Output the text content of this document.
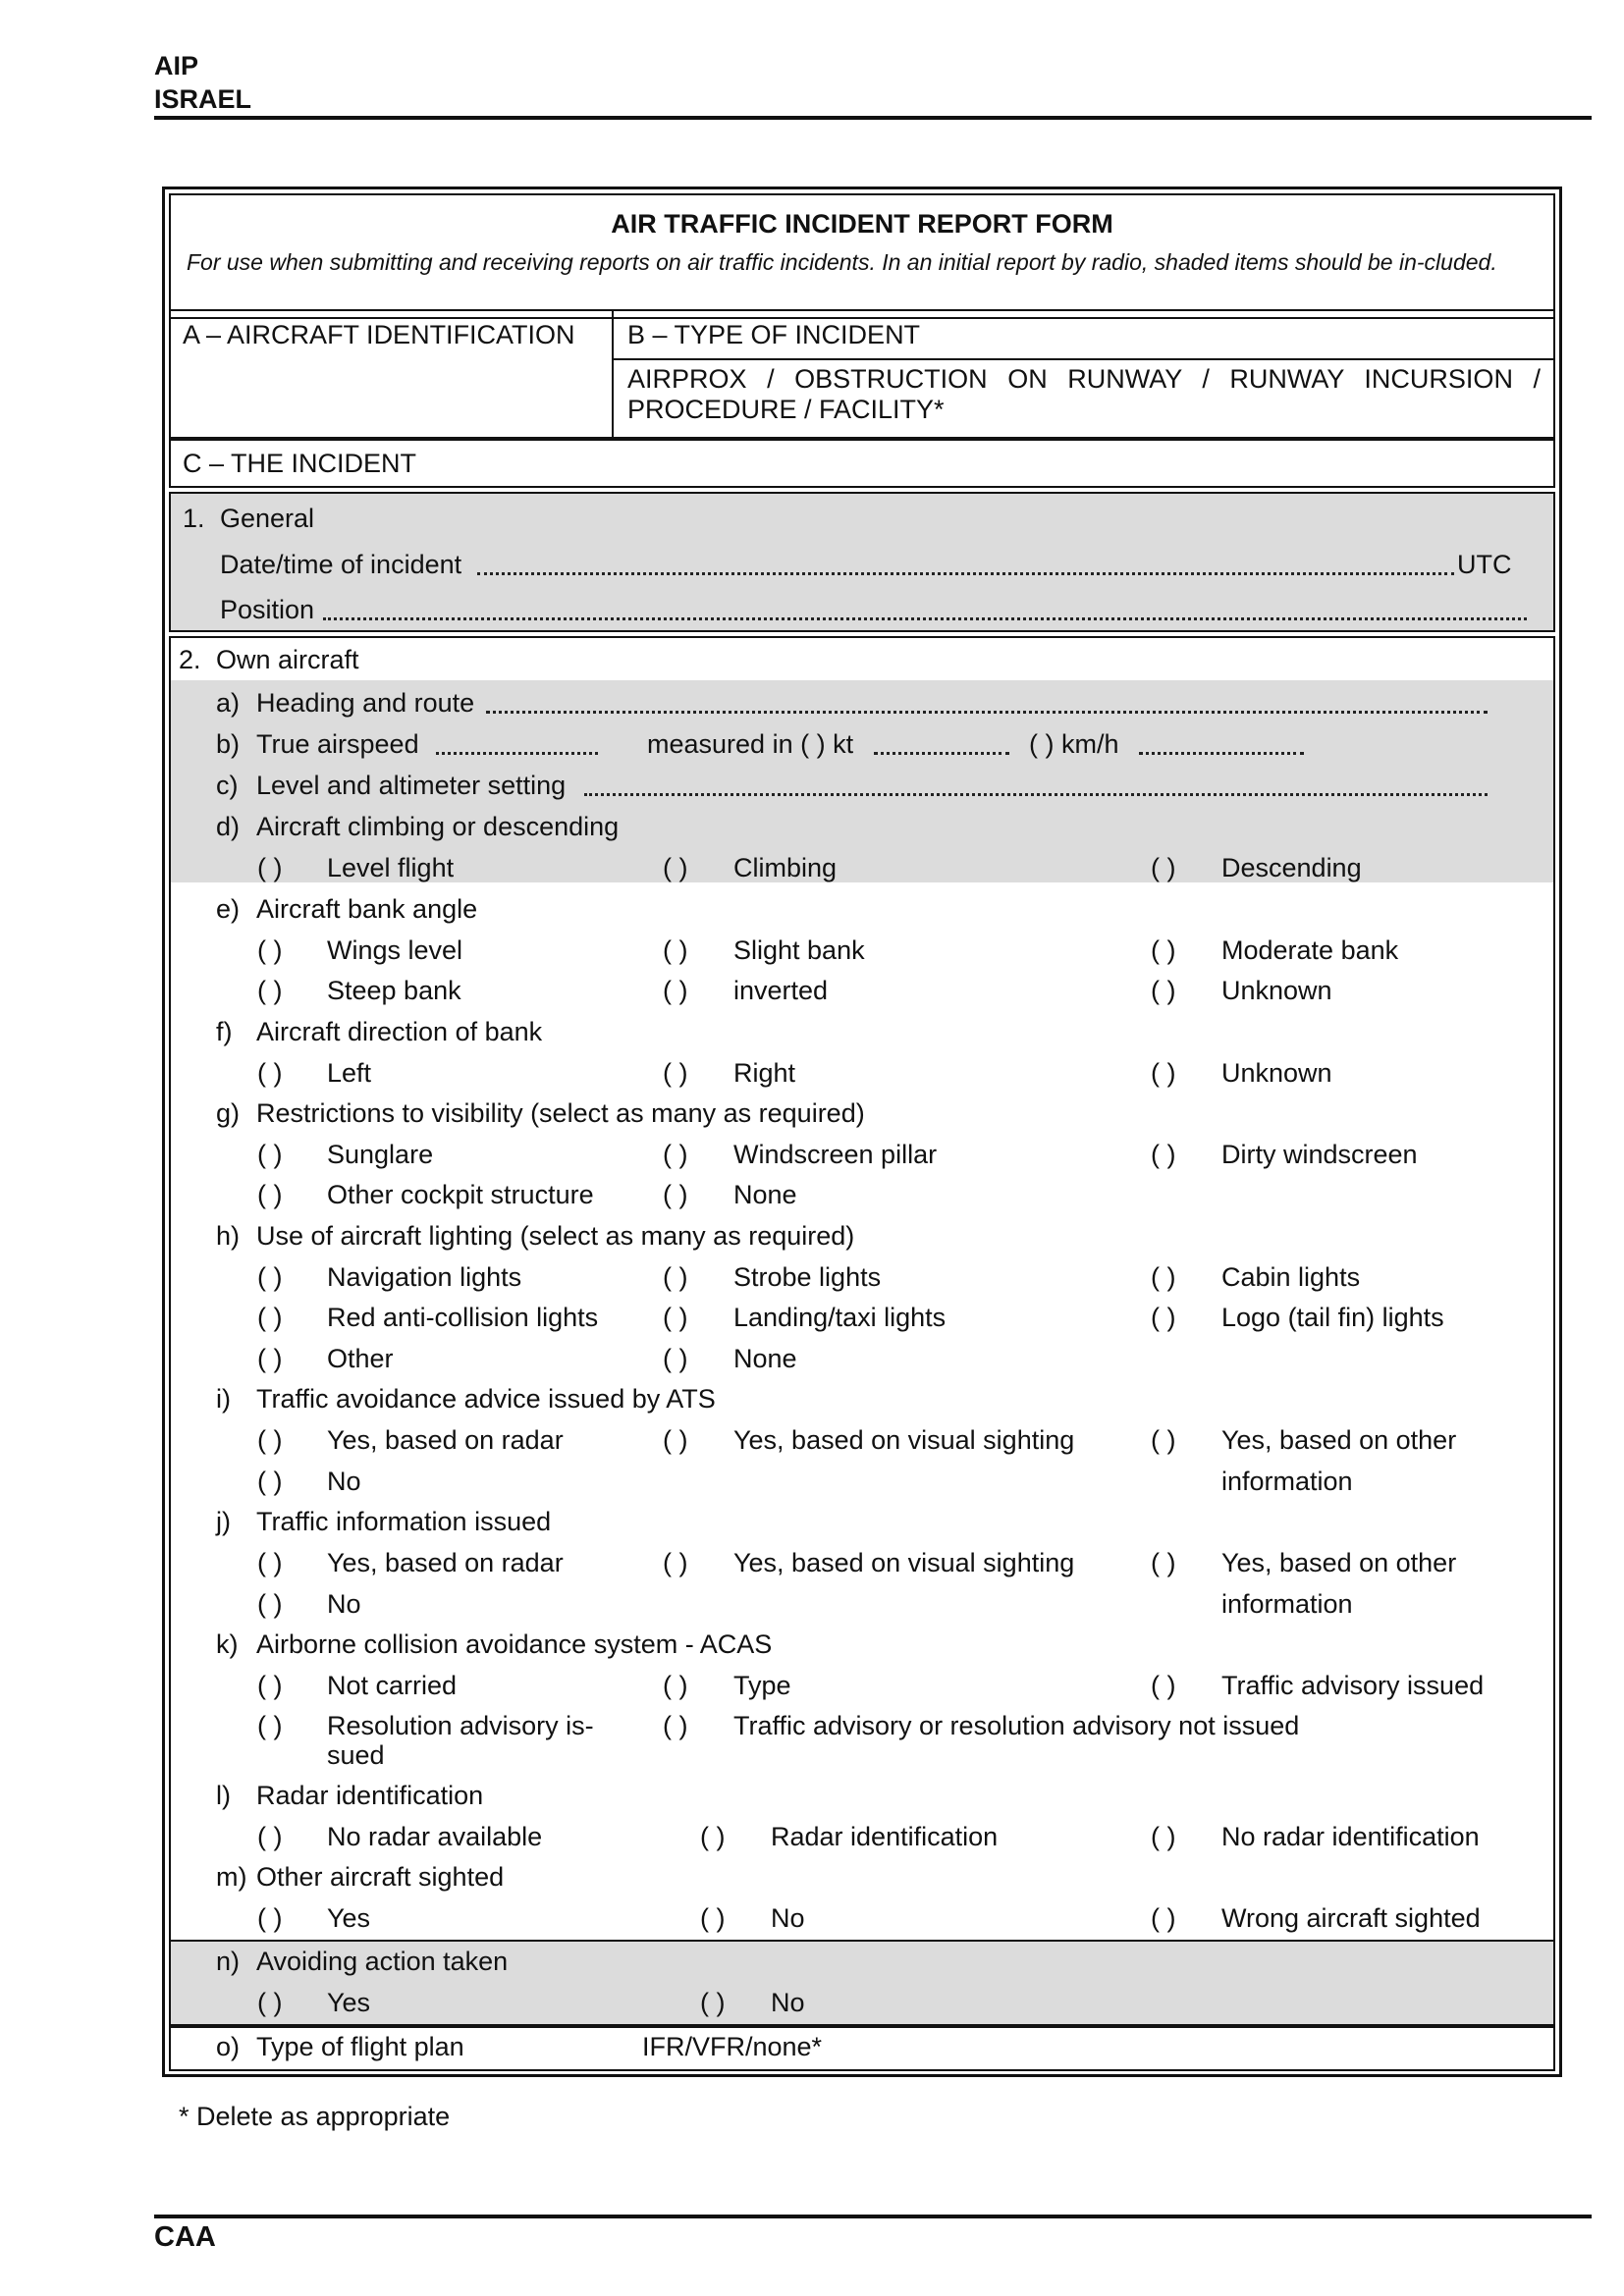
AIP
ISRAEL
AIR TRAFFIC INCIDENT REPORT FORM
For use when submitting and receiving reports on air traffic incidents. In an initial report by radio, shaded items should be in-cluded.
A – AIRCRAFT IDENTIFICATION B – TYPE OF INCIDENT
AIRPROX / OBSTRUCTION ON RUNWAY / RUNWAY INCURSION / PROCEDURE / FACILITY*
C – THE INCIDENT
1. General
Date/time of incident	UTC
Position
2. Own aircraft
a) Heading and route
b) True airspeed	measured in ( ) kt	( ) km/h
c) Level and altimeter setting
d) Aircraft climbing or descending
( ) Level flight	( ) Climbing	( ) Descending
e) Aircraft bank angle
( ) Wings level	( ) Slight bank	( ) Moderate bank
( ) Steep bank	( ) inverted	( ) Unknown
f) Aircraft direction of bank
( ) Left	( ) Right	( ) Unknown
g) Restrictions to visibility (select as many as required)
( ) Sunglare	( ) Windscreen pillar	( ) Dirty windscreen
( ) Other cockpit structure	( ) None
h) Use of aircraft lighting (select as many as required)
( ) Navigation lights	( ) Strobe lights	( ) Cabin lights
( ) Red anti-collision lights ( ) Landing/taxi lights	( ) Logo (tail fin) lights
( ) Other	( ) None
i) Traffic avoidance advice issued by ATS
( ) Yes, based on radar	( ) Yes, based on visual sighting	( ) Yes, based on other
information
( ) No
j) Traffic information issued
( ) Yes, based on radar	( ) Yes, based on visual sighting	( ) Yes, based on other
information
( ) No
k) Airborne collision avoidance system - ACAS
( ) Not carried	( ) Type	( ) Traffic advisory issued
( ) Resolution advisory is-
sued
( ) Traffic advisory or resolution advisory not issued
l) Radar identification
( ) No radar available	( ) Radar identification	( ) No radar identification
m) Other aircraft sighted
( ) Yes	( ) No	( ) Wrong aircraft sighted
n) Avoiding action taken
( ) Yes	( ) No
o) Type of flight plan	IFR/VFR/none*
* Delete as appropriate
CAA
